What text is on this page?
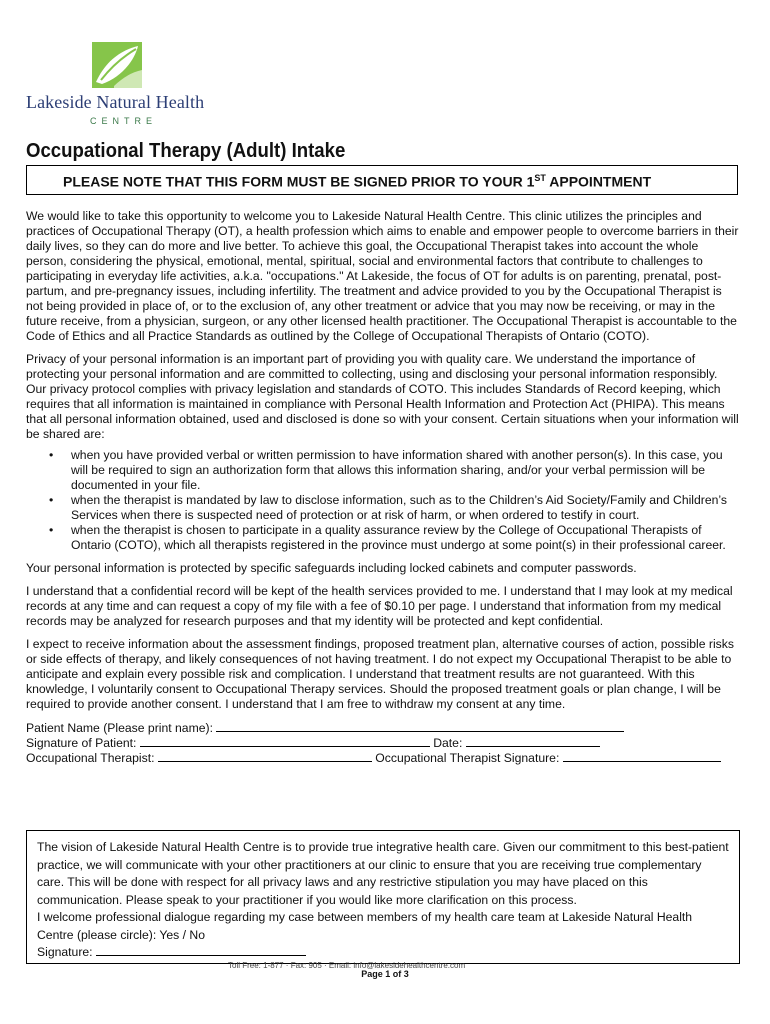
Lakeside Natural Health
CENTRE
Occupational Therapy (Adult) Intake
PLEASE NOTE THAT THIS FORM MUST BE SIGNED PRIOR TO YOUR 1ST APPOINTMENT

We would like to take this opportunity to welcome you to Lakeside Natural Health Centre. This clinic utilizes the principles and practices of Occupational Therapy (OT), a health profession which aims to enable and empower people to overcome barriers in their daily lives, so they can do more and live better. To achieve this goal, the Occupational Therapist takes into account the whole person, considering the physical, emotional, mental, spiritual, social and environmental factors that contribute to challenges to participating in everyday life activities, a.k.a. "occupations." At Lakeside, the focus of OT for adults is on parenting, prenatal, post-partum, and pre-pregnancy issues, including infertility. The treatment and advice provided to you by the Occupational Therapist is not being provided in place of, or to the exclusion of, any other treatment or advice that you may now be receiving, or may in the future receive, from a physician, surgeon, or any other licensed health practitioner. The Occupational Therapist is accountable to the Code of Ethics and all Practice Standards as outlined by the College of Occupational Therapists of Ontario (COTO).

Privacy of your personal information is an important part of providing you with quality care. We understand the importance of protecting your personal information and are committed to collecting, using and disclosing your personal information responsibly. Our privacy protocol complies with privacy legislation and standards of COTO. This includes Standards of Record keeping, which requires that all information is maintained in compliance with Personal Health Information and Protection Act (PHIPA). This means that all personal information obtained, used and disclosed is done so with your consent. Certain situations when your information will be shared are:

• when you have provided verbal or written permission to have information shared with another person(s). In this case, you will be required to sign an authorization form that allows this information sharing, and/or your verbal permission will be documented in your file.
• when the therapist is mandated by law to disclose information, such as to the Children’s Aid Society/Family and Children’s Services when there is suspected need of protection or at risk of harm, or when ordered to testify in court.
• when the therapist is chosen to participate in a quality assurance review by the College of Occupational Therapists of Ontario (COTO), which all therapists registered in the province must undergo at some point(s) in their professional career.

Your personal information is protected by specific safeguards including locked cabinets and computer passwords.

I understand that a confidential record will be kept of the health services provided to me. I understand that I may look at my medical records at any time and can request a copy of my file with a fee of $0.10 per page. I understand that information from my medical records may be analyzed for research purposes and that my identity will be protected and kept confidential.

I expect to receive information about the assessment findings, proposed treatment plan, alternative courses of action, possible risks or side effects of therapy, and likely consequences of not having treatment. I do not expect my Occupational Therapist to be able to anticipate and explain every possible risk and complication. I understand that treatment results are not guaranteed. With this knowledge, I voluntarily consent to Occupational Therapy services. Should the proposed treatment goals or plan change, I will be required to provide another consent. I understand that I am free to withdraw my consent at any time.

Patient Name (Please print name):
Signature of Patient:	Date:
Occupational Therapist:	Occupational Therapist Signature:

The vision of Lakeside Natural Health Centre is to provide true integrative health care. Given our commitment to this best-patient practice, we will communicate with your other practitioners at our clinic to ensure that you are receiving true complementary care. This will be done with respect for all privacy laws and any restrictive stipulation you may have placed on this communication. Please speak to your practitioner if you would like more clarification on this process.

I welcome professional dialogue regarding my case between members of my health care team at Lakeside Natural Health Centre (please circle): Yes / No

Signature:

Toll Free: 1-877 · Fax: 905 · Email: info@lakesidehealthcentre.com
Page 1 of 3
